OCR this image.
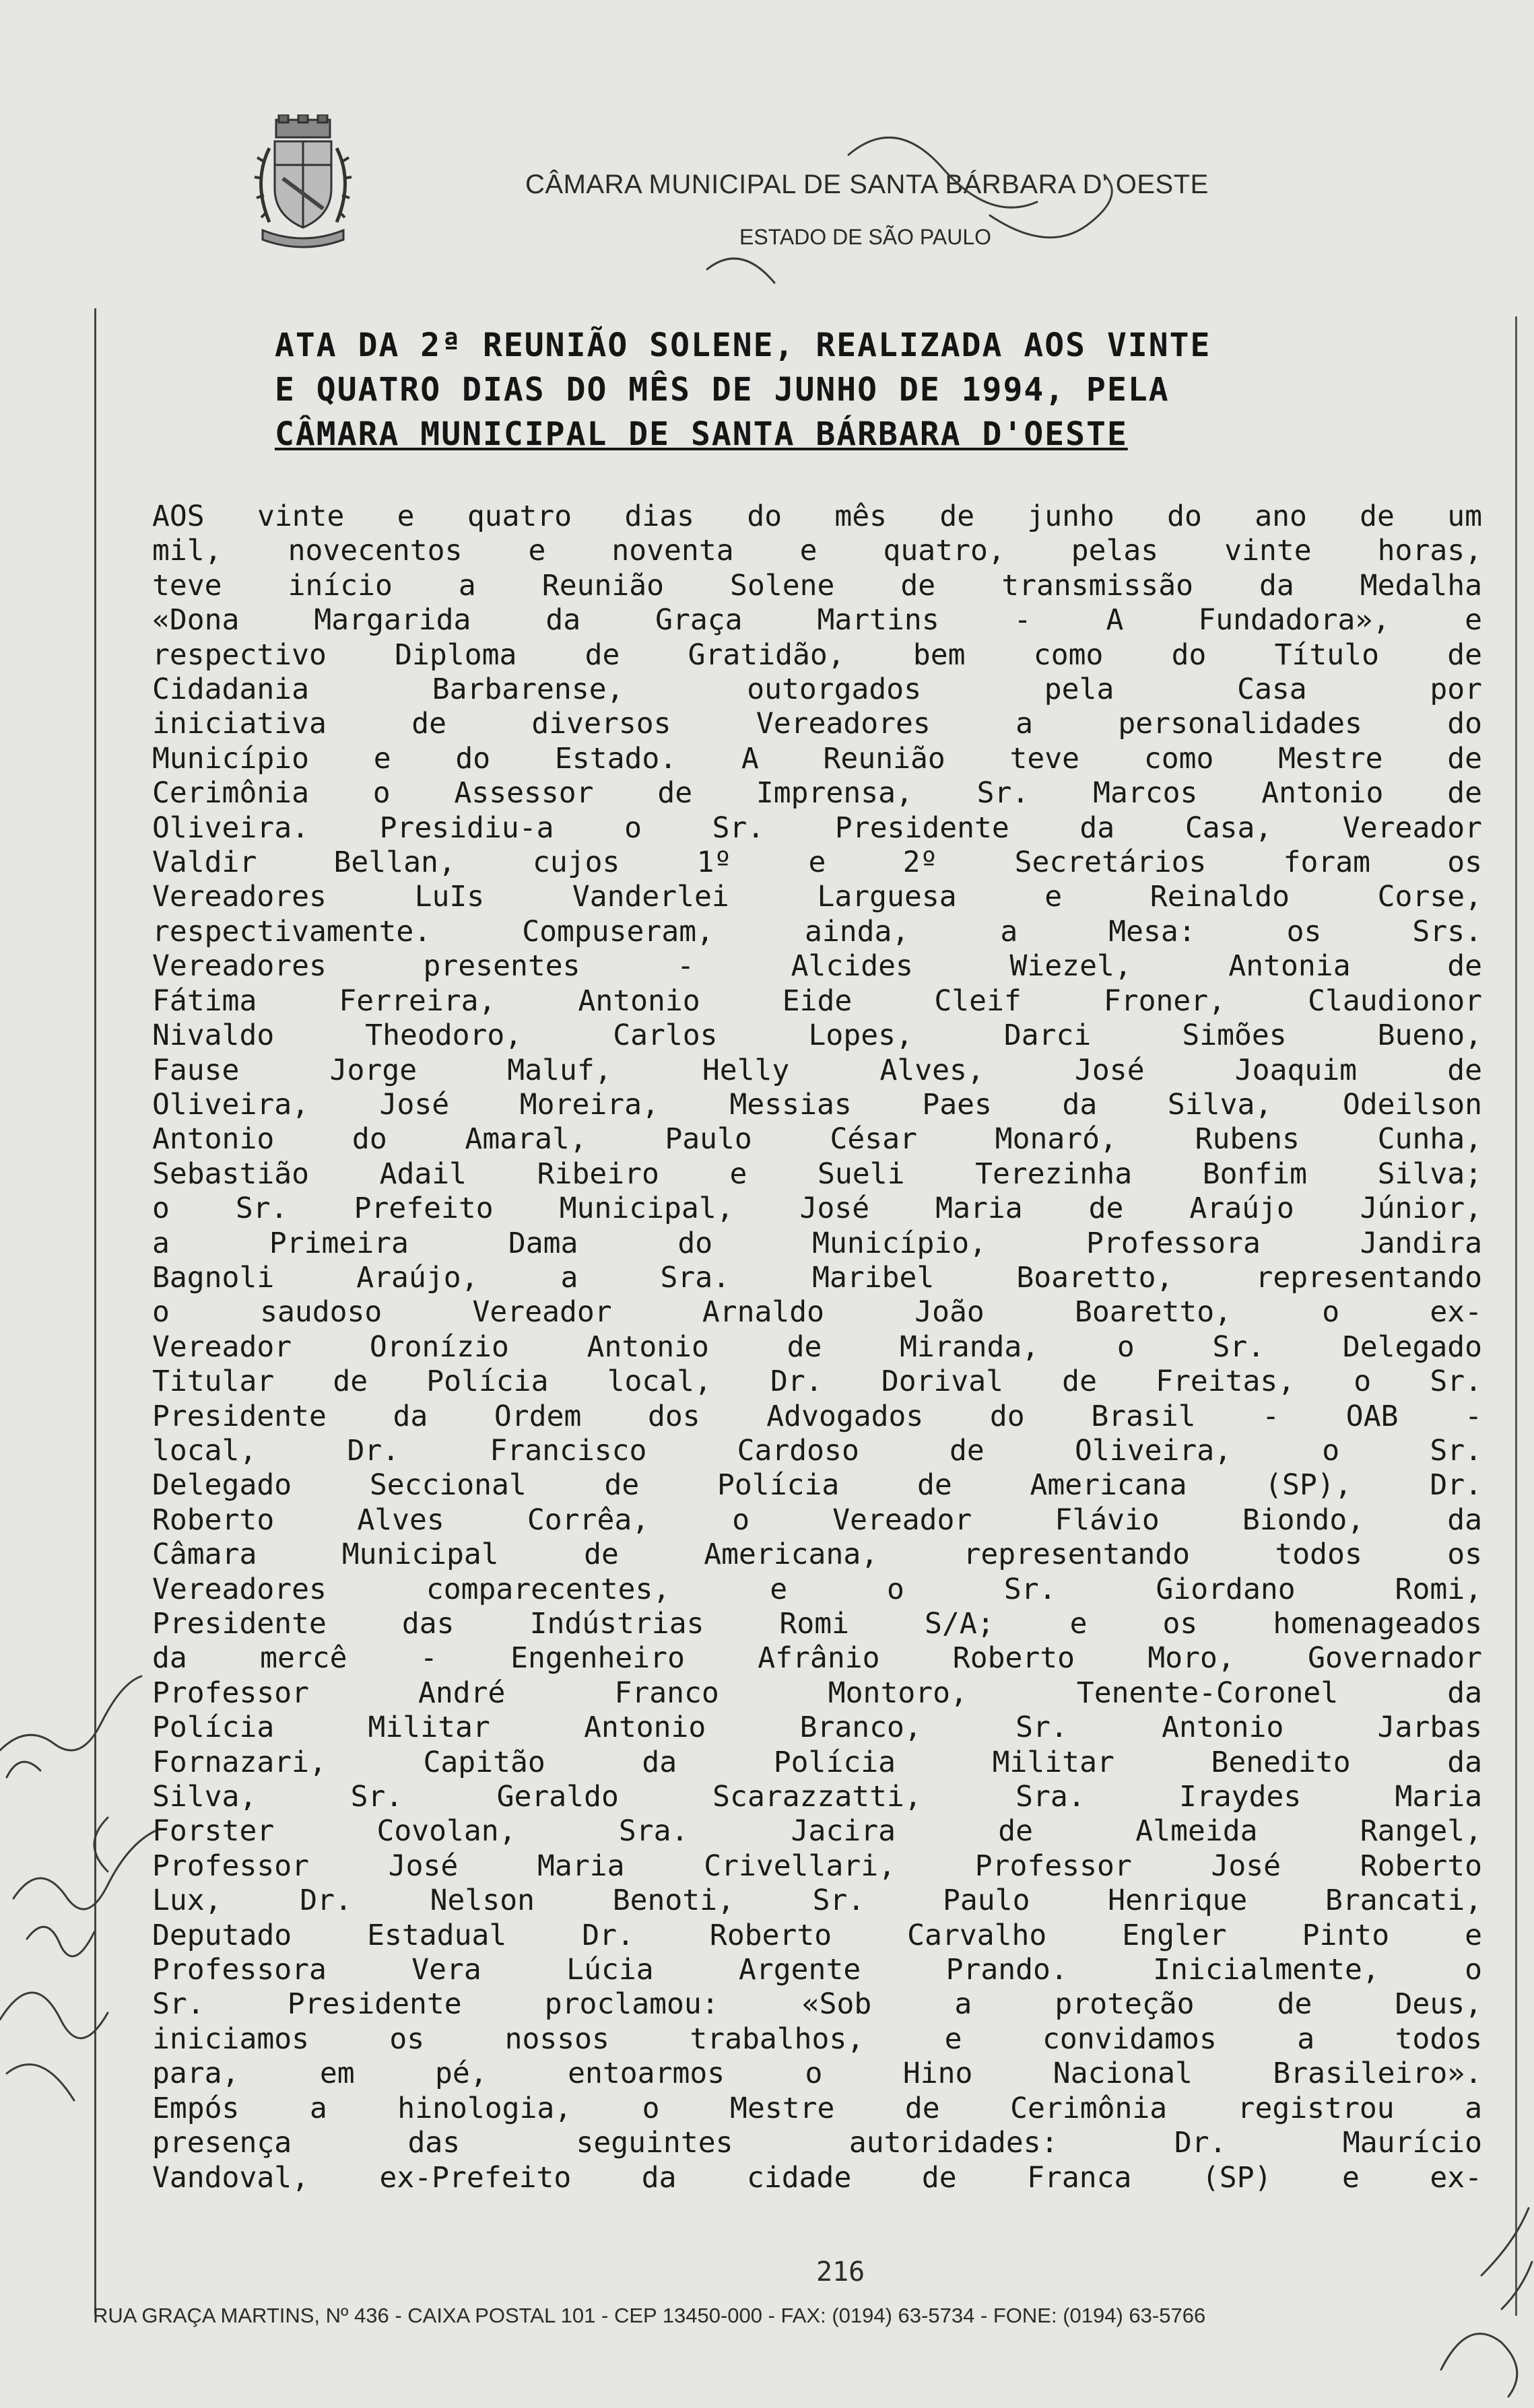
CÂMARA MUNICIPAL DE SANTA BÁRBARA D' OESTE
ESTADO DE SÃO PAULO
ATA DA 2ª REUNIÃO SOLENE, REALIZADA AOS VINTE
E QUATRO DIAS DO MÊS DE JUNHO DE 1994, PELA
CÂMARA MUNICIPAL DE SANTA BÁRBARA D'OESTE
AOS vinte e quatro dias do mês de junho do ano de um
mil, novecentos e noventa e quatro, pelas vinte horas,
teve início a Reunião Solene de transmissão da Medalha
«Dona Margarida da Graça Martins - A Fundadora», e
respectivo Diploma de Gratidão, bem como do Título de
Cidadania Barbarense, outorgados pela Casa por
iniciativa de diversos Vereadores a personalidades do
Município e do Estado. A Reunião teve como Mestre de
Cerimônia o Assessor de Imprensa, Sr. Marcos Antonio de
Oliveira. Presidiu-a o Sr. Presidente da Casa, Vereador
Valdir Bellan, cujos 1º e 2º Secretários foram os
Vereadores LuIs Vanderlei Larguesa e Reinaldo Corse,
respectivamente. Compuseram, ainda, a Mesa: os Srs.
Vereadores presentes - Alcides Wiezel, Antonia de
Fátima Ferreira, Antonio Eide Cleif Froner, Claudionor
Nivaldo Theodoro, Carlos Lopes, Darci Simões Bueno,
Fause Jorge Maluf, Helly Alves, José Joaquim de
Oliveira, José Moreira, Messias Paes da Silva, Odeilson
Antonio do Amaral, Paulo César Monaró, Rubens Cunha,
Sebastião Adail Ribeiro e Sueli Terezinha Bonfim Silva;
o Sr. Prefeito Municipal, José Maria de Araújo Júnior,
a Primeira Dama do Município, Professora Jandira
Bagnoli Araújo, a Sra. Maribel Boaretto, representando
o saudoso Vereador Arnaldo João Boaretto, o ex-
Vereador Oronízio Antonio de Miranda, o Sr. Delegado
Titular de Polícia local, Dr. Dorival de Freitas, o Sr.
Presidente da Ordem dos Advogados do Brasil - OAB -
local, Dr. Francisco Cardoso de Oliveira, o Sr.
Delegado Seccional de Polícia de Americana (SP), Dr.
Roberto Alves Corrêa, o Vereador Flávio Biondo, da
Câmara Municipal de Americana, representando todos os
Vereadores comparecentes, e o Sr. Giordano Romi,
Presidente das Indústrias Romi S/A; e os homenageados
da mercê - Engenheiro Afrânio Roberto Moro, Governador
Professor André Franco Montoro, Tenente-Coronel da
Polícia Militar Antonio Branco, Sr. Antonio Jarbas
Fornazari, Capitão da Polícia Militar Benedito da
Silva, Sr. Geraldo Scarazzatti, Sra. Iraydes Maria
Forster Covolan, Sra. Jacira de Almeida Rangel,
Professor José Maria Crivellari, Professor José Roberto
Lux, Dr. Nelson Benoti, Sr. Paulo Henrique Brancati,
Deputado Estadual Dr. Roberto Carvalho Engler Pinto e
Professora Vera Lúcia Argente Prando. Inicialmente, o
Sr. Presidente proclamou: «Sob a proteção de Deus,
iniciamos os nossos trabalhos, e convidamos a todos
para, em pé, entoarmos o Hino Nacional Brasileiro».
Empós a hinologia, o Mestre de Cerimônia registrou a
presença das seguintes autoridades: Dr. Maurício
Vandoval, ex-Prefeito da cidade de Franca (SP) e ex-
216
RUA GRAÇA MARTINS, Nº 436 - CAIXA POSTAL 101 - CEP 13450-000 - FAX: (0194) 63-5734 - FONE: (0194) 63-5766
